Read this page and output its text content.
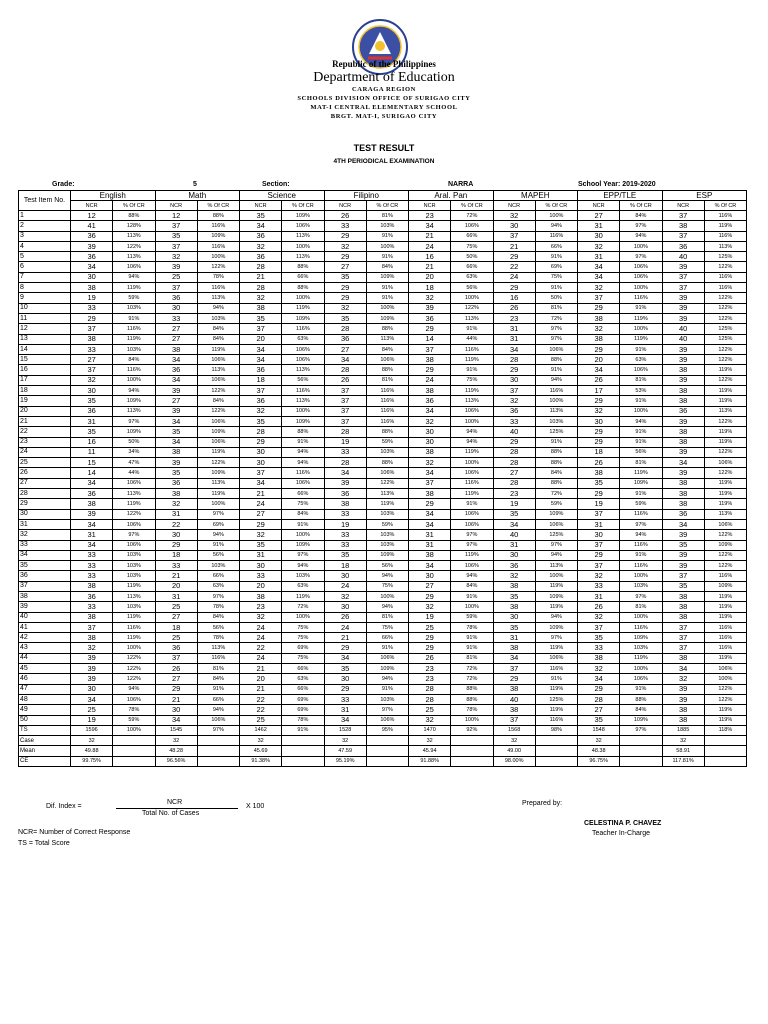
Republic of the Philippines
Department of Education
CARAGA REGION
SCHOOLS DIVISION OFFICE OF SURIGAO CITY
MAT-I CENTRAL ELEMENTARY SCHOOL
BRGT. MAT-I, SURIGAO CITY
TEST RESULT
4TH PERIODICAL EXAMINATION
Grade:	5	Section:	NARRA	School Year: 2019-2020
Test Item No.	English		Math		Science		Filipino		Aral. Pan		MAPEH		EPP/TLE		ESP	
	NCR	% Of CR	NCR	% Of CR	NCR	% Of CR	NCR	% Of CR	NCR	% Of CR	NCR	% Of CR	NCR	% Of CR	NCR	% Of CR
1	12	88%	12	88%	35	109%	26	81%	23	72%	32	100%	27	84%	37	116%
2	41	128%	37	116%	34	106%	33	103%	34	106%	30	94%	31	97%	38	119%
3	36	113%	35	109%	36	113%	29	91%	21	66%	37	116%	30	94%	37	116%
4	39	122%	37	116%	32	100%	32	100%	24	75%	21	66%	32	100%	36	113%
5	36	113%	32	100%	36	113%	29	91%	16	50%	29	91%	31	97%	40	125%
6	34	106%	39	122%	28	88%	27	84%	21	66%	22	69%	34	106%	39	122%
7	30	94%	25	78%	21	66%	35	109%	20	63%	24	75%	34	106%	37	116%
8	38	119%	37	116%	28	88%	29	91%	18	56%	29	91%	32	100%	37	116%
9	19	59%	36	113%	32	100%	29	91%	32	100%	16	50%	37	116%	39	122%
10	33	103%	30	94%	38	119%	32	100%	39	122%	26	81%	29	91%	39	122%
11	29	91%	33	103%	35	109%	35	109%	36	113%	23	72%	38	119%	39	122%
12	37	116%	27	84%	37	116%	28	88%	29	91%	31	97%	32	100%	40	125%
13	38	119%	27	84%	20	63%	36	113%	14	44%	31	97%	38	119%	40	125%
14	33	103%	38	119%	34	106%	27	84%	37	116%	34	106%	29	91%	39	122%
15	27	84%	34	106%	34	106%	34	106%	38	119%	28	88%	20	63%	39	122%
16	37	116%	36	113%	36	113%	28	88%	29	91%	29	91%	34	106%	38	119%
17	32	100%	34	106%	18	56%	26	81%	24	75%	30	94%	26	81%	39	122%
18	30	94%	39	122%	37	116%	37	116%	38	119%	37	116%	17	53%	38	119%
19	35	109%	27	84%	36	113%	37	116%	36	113%	32	100%	29	91%	38	119%
20	36	113%	39	122%	32	100%	37	116%	34	106%	36	113%	32	100%	36	113%
21	31	97%	34	106%	35	109%	37	116%	32	100%	33	103%	30	94%	39	122%
22	35	109%	35	109%	28	88%	28	88%	30	94%	40	125%	29	91%	38	119%
23	16	50%	34	106%	29	91%	19	59%	30	94%	29	91%	29	91%	38	119%
24	11	34%	38	119%	30	94%	33	103%	38	119%	28	88%	18	56%	39	122%
25	15	47%	39	122%	30	94%	28	88%	32	100%	28	88%	26	81%	34	106%
26	14	44%	35	109%	37	116%	34	106%	34	106%	27	84%	38	119%	39	122%
27	34	106%	36	113%	34	106%	39	122%	37	116%	28	88%	35	109%	38	119%
28	36	113%	38	119%	21	66%	36	113%	38	119%	23	72%	29	91%	38	119%
29	38	119%	32	100%	24	75%	38	119%	29	91%	19	59%	19	59%	38	119%
30	39	122%	31	97%	27	84%	33	103%	34	106%	35	109%	37	116%	36	113%
31	34	106%	22	69%	29	91%	19	59%	34	106%	34	106%	31	97%	34	106%
32	31	97%	30	94%	32	100%	33	103%	31	97%	40	125%	30	94%	39	122%
33	34	106%	29	91%	35	109%	33	103%	31	97%	31	97%	37	116%	35	109%
34	33	103%	18	56%	31	97%	35	109%	38	119%	30	94%	29	91%	39	122%
35	33	103%	33	103%	30	94%	18	56%	34	106%	36	113%	37	116%	39	122%
36	33	103%	21	66%	33	103%	30	94%	30	94%	32	100%	32	100%	37	116%
37	38	119%	20	63%	20	63%	24	75%	27	84%	38	119%	33	103%	35	109%
38	36	113%	31	97%	38	119%	32	100%	29	91%	35	109%	31	97%	38	119%
39	33	103%	25	78%	23	72%	30	94%	32	100%	38	119%	26	81%	38	119%
40	38	119%	27	84%	32	100%	26	81%	19	59%	30	94%	32	100%	38	119%
41	37	116%	18	56%	24	75%	24	75%	25	78%	35	109%	37	116%	37	116%
42	38	119%	25	78%	24	75%	21	66%	29	91%	31	97%	35	109%	37	116%
43	32	100%	36	113%	22	69%	29	91%	29	91%	38	119%	33	103%	37	116%
44	39	122%	37	116%	24	75%	34	106%	26	81%	34	106%	38	119%	38	119%
45	39	122%	26	81%	21	66%	35	109%	23	72%	37	116%	32	100%	34	106%
46	39	122%	27	84%	20	63%	30	94%	23	72%	29	91%	34	106%	32	100%
47	30	94%	29	91%	21	66%	29	91%	28	88%	38	119%	29	91%	39	122%
48	34	106%	21	66%	22	69%	33	103%	28	88%	40	125%	28	88%	39	122%
49	25	78%	30	94%	22	69%	31	97%	25	78%	38	119%	27	84%	38	119%
50	19	59%	34	106%	25	78%	34	106%	32	100%	37	116%	35	109%	38	119%
TS	1596	100%	1545	97%	1462	91%	1528	95%	1470	92%	1568	98%	1548	97%	1885	118%
Case	32		32		32		32		32		32		32		32	
Mean	49.88		48.28		45.69		47.59		45.94		49.00		48.38		58.91	
CE	99.75%		96.56%		91.38%		95.19%		91.88%		98.00%		96.75%		117.81%	
Dif. Index =
NCR
Total No. of Cases
X 100	Prepared by:
CELESTINA P. CHAVEZ
Teacher In-Charge
NCR= Number of Correct Response
TS = Total Score
